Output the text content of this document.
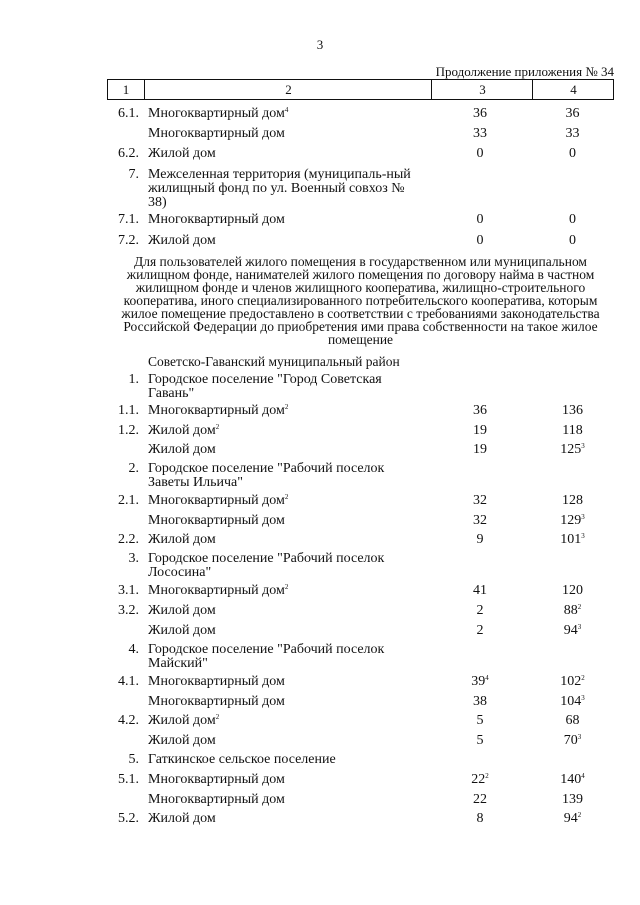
3
Продолжение приложения № 34
1	2	3	4
6.1. Многоквартирный дом$^4$	36	36
Многоквартирный дом	33	33
6.2. Жилой дом	0	0
7. Межселенная территория (муниципаль-ный жилищный фонд по ул. Военный совхоз № 38)
7.1. Многоквартирный дом	0	0
7.2. Жилой дом	0	0
Для пользователей жилого помещения в государственном или муниципальном жилищном фонде, нанимателей жилого помещения по договору найма в частном жилищном фонде и членов жилищного кооператива, жилищно-строительного кооператива, иного специализированного потребительского кооператива, которым жилое помещение предоставлено в соответствии с требованиями законодательства Российской Федерации до приобретения ими права собственности на такое жилое помещение
Советско-Гаванский муниципальный район
1. Городское поселение "Город Советская Гавань"
1.1. Многоквартирный дом$^2$	36	136
1.2. Жилой дом$^2$	19	118
Жилой дом	19	$125^3$
2. Городское поселение "Рабочий поселок Заветы Ильича"
2.1. Многоквартирный дом$^2$	32	128
Многоквартирный дом	32	$129^3$
2.2. Жилой дом	9	$101^3$
3. Городское поселение "Рабочий поселок Лососина"
3.1. Многоквартирный дом$^2$	41	120
3.2. Жилой дом	2	$88^2$
Жилой дом	2	$94^3$
4. Городское поселение "Рабочий поселок Майский"
4.1. Многоквартирный дом	$39^4$	$102^2$
Многоквартирный дом	38	$104^3$
4.2. Жилой дом$^2$	5	68
Жилой дом	5	$70^3$
5. Гаткинское сельское поселение
5.1. Многоквартирный дом	$22^2$	$140^4$
Многоквартирный дом	22	139
5.2. Жилой дом	8	$94^2$
